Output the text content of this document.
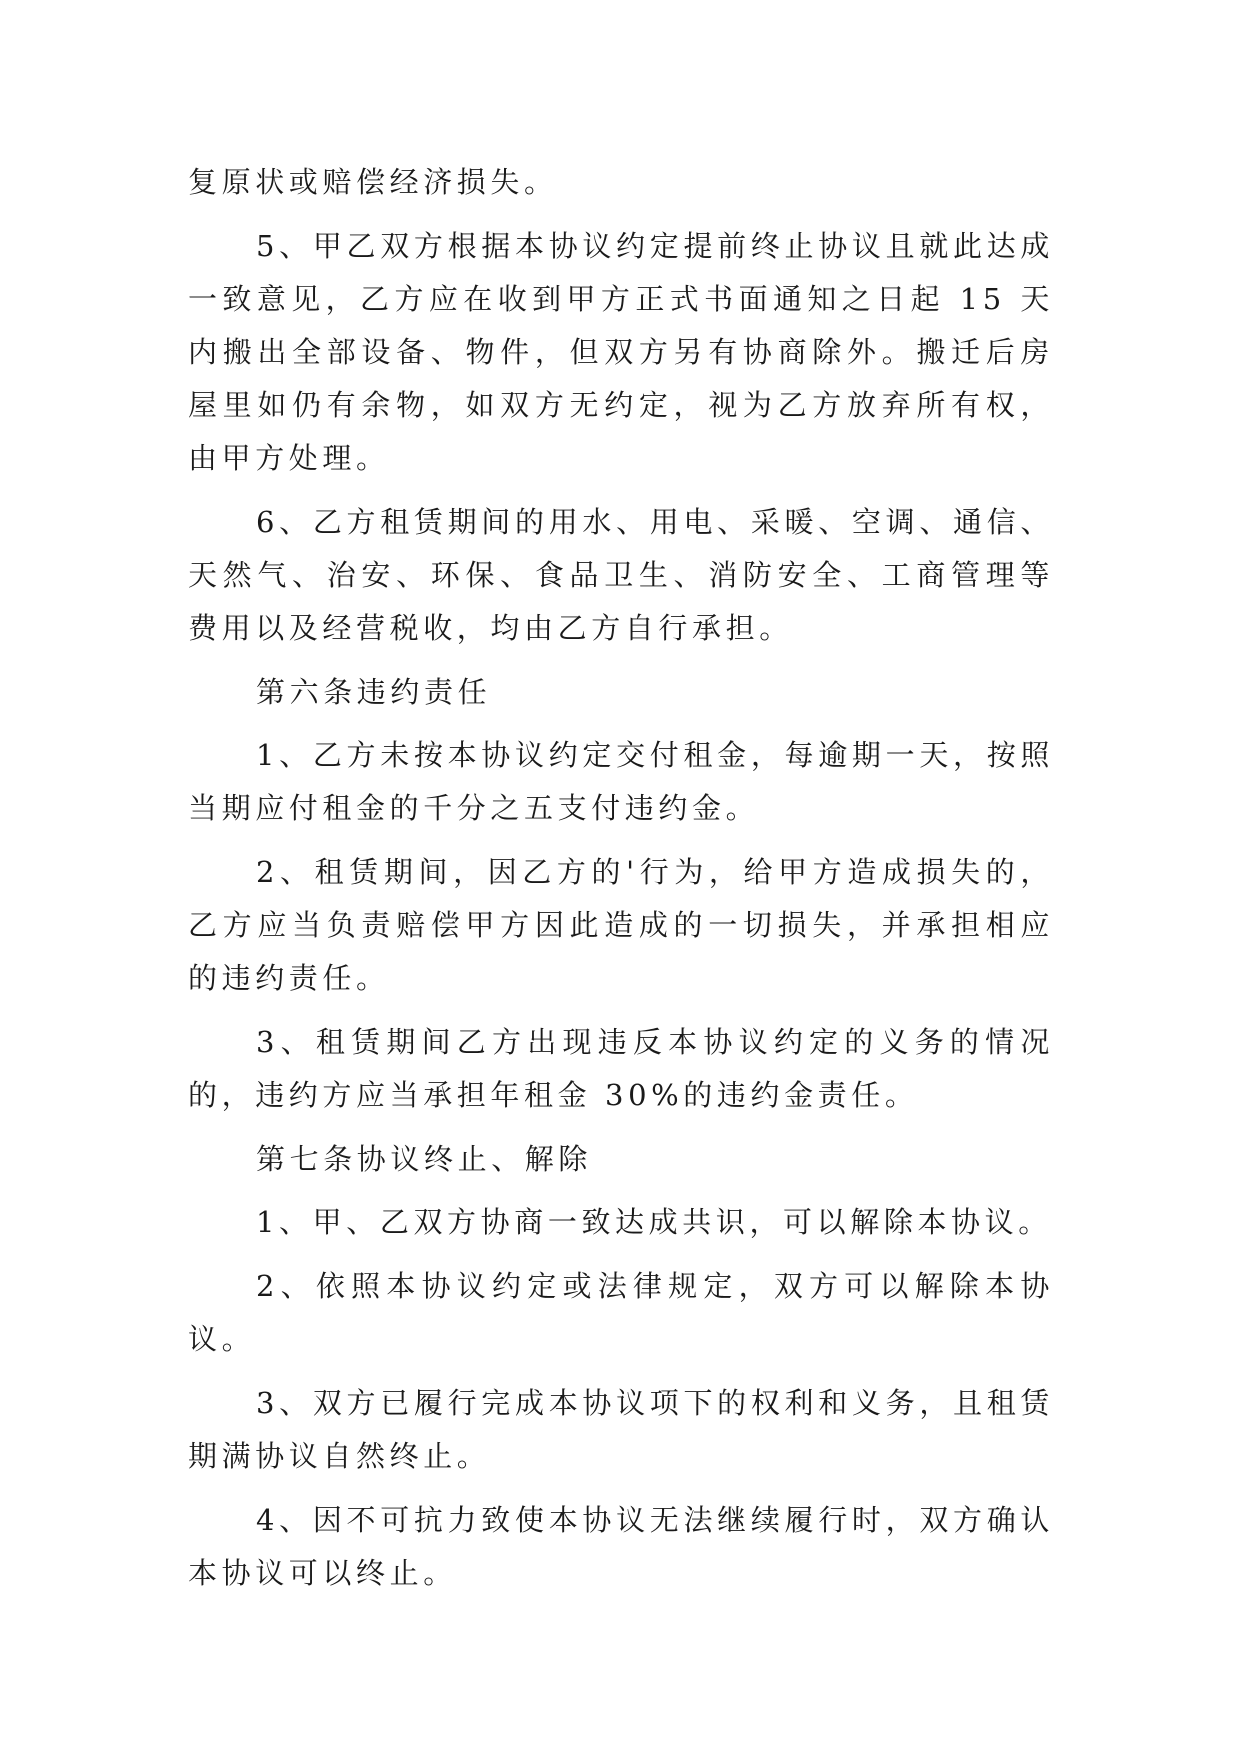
复原状或赔偿经济损失。

5、甲乙双方根据本协议约定提前终止协议且就此达成一致意见，乙方应在收到甲方正式书面通知之日起 15 天内搬出全部设备、物件，但双方另有协商除外。搬迁后房屋里如仍有余物，如双方无约定，视为乙方放弃所有权，由甲方处理。

6、乙方租赁期间的用水、用电、采暖、空调、通信、天然气、治安、环保、食品卫生、消防安全、工商管理等费用以及经营税收，均由乙方自行承担。

第六条违约责任

1、乙方未按本协议约定交付租金，每逾期一天，按照当期应付租金的千分之五支付违约金。

2、租赁期间，因乙方的'行为，给甲方造成损失的，乙方应当负责赔偿甲方因此造成的一切损失，并承担相应的违约责任。

3、租赁期间乙方出现违反本协议约定的义务的情况的，违约方应当承担年租金 30%的违约金责任。

第七条协议终止、解除

1、甲、乙双方协商一致达成共识，可以解除本协议。

2、依照本协议约定或法律规定，双方可以解除本协议。

3、双方已履行完成本协议项下的权利和义务，且租赁期满协议自然终止。

4、因不可抗力致使本协议无法继续履行时，双方确认本协议可以终止。
